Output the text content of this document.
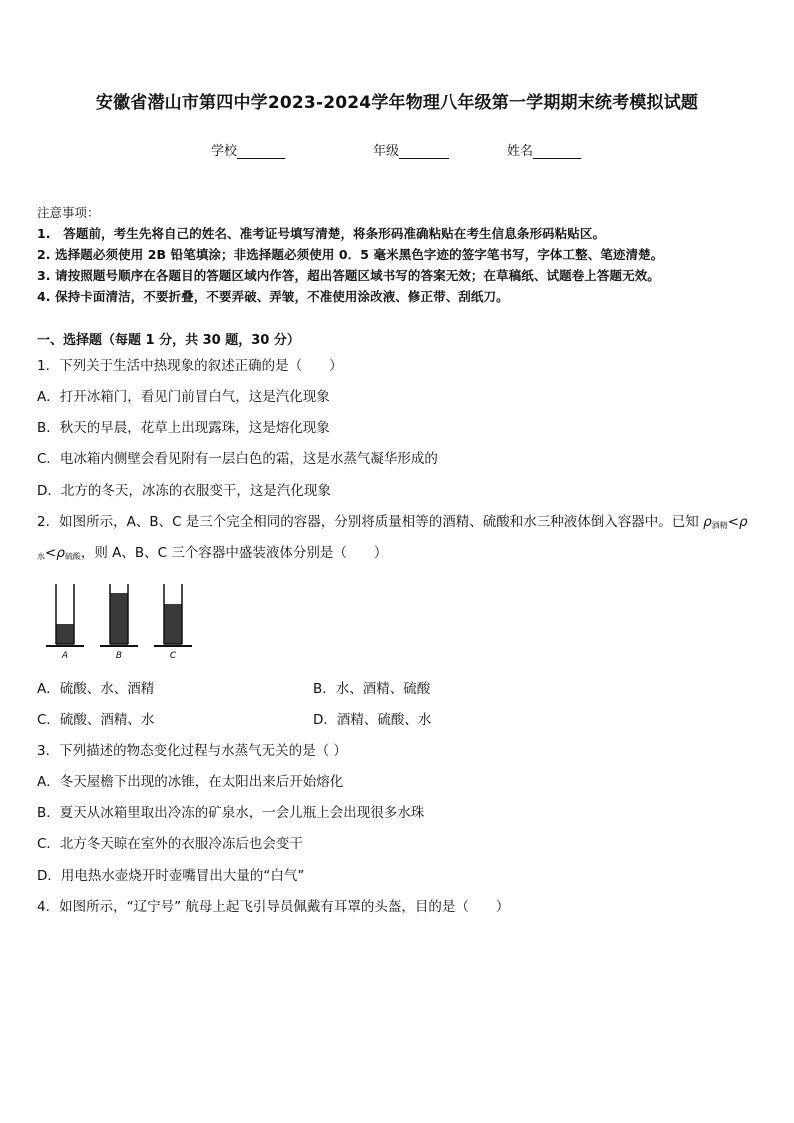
安徽省潜山市第四中学2023-2024学年物理八年级第一学期期末统考模拟试题
学校	年级	姓名
注意事项：
1.　答题前，考生先将自己的姓名、准考证号填写清楚，将条形码准确粘贴在考生信息条形码粘贴区。
2. 选择题必须使用 2B 铅笔填涂；非选择题必须使用 0．5 毫米黑色字迹的签字笔书写，字体工整、笔迹清楚。
3. 请按照题号顺序在各题目的答题区域内作答，超出答题区域书写的答案无效；在草稿纸、试题卷上答题无效。
4. 保持卡面清洁，不要折叠，不要弄破、弄皱，不准使用涂改液、修正带、刮纸刀。
一、选择题（每题 1 分，共 30 题，30 分）
1．下列关于生活中热现象的叙述正确的是（　　）
A．打开冰箱门，看见门前冒白气，这是汽化现象
B．秋天的早晨，花草上出现露珠，这是熔化现象
C．电冰箱内侧壁会看见附有一层白色的霜，这是水蒸气凝华形成的
D．北方的冬天，冰冻的衣服变干，这是汽化现象
2．如图所示，A、B、C 是三个完全相同的容器，分别将质量相等的酒精、硫酸和水三种液体倒入容器中。已知 $\rho_{酒精}<\rho$
$_水<\rho_{硫酸}$，则 A、B、C 三个容器中盛装液体分别是（　　）
A	B	C
A．硫酸、水、酒精	B．水、酒精、硫酸
C．硫酸、酒精、水	D．酒精、硫酸、水
3．下列描述的物态变化过程与水蒸气无关的是（ ）
A．冬天屋檐下出现的冰锥，在太阳出来后开始熔化
B．夏天从冰箱里取出冷冻的矿泉水，一会儿瓶上会出现很多水珠
C．北方冬天晾在室外的衣服冷冻后也会变干
D．用电热水壶烧开时壶嘴冒出大量的“白气”
4．如图所示，“辽宁号” 航母上起飞引导员佩戴有耳罩的头盔，目的是（　　）
